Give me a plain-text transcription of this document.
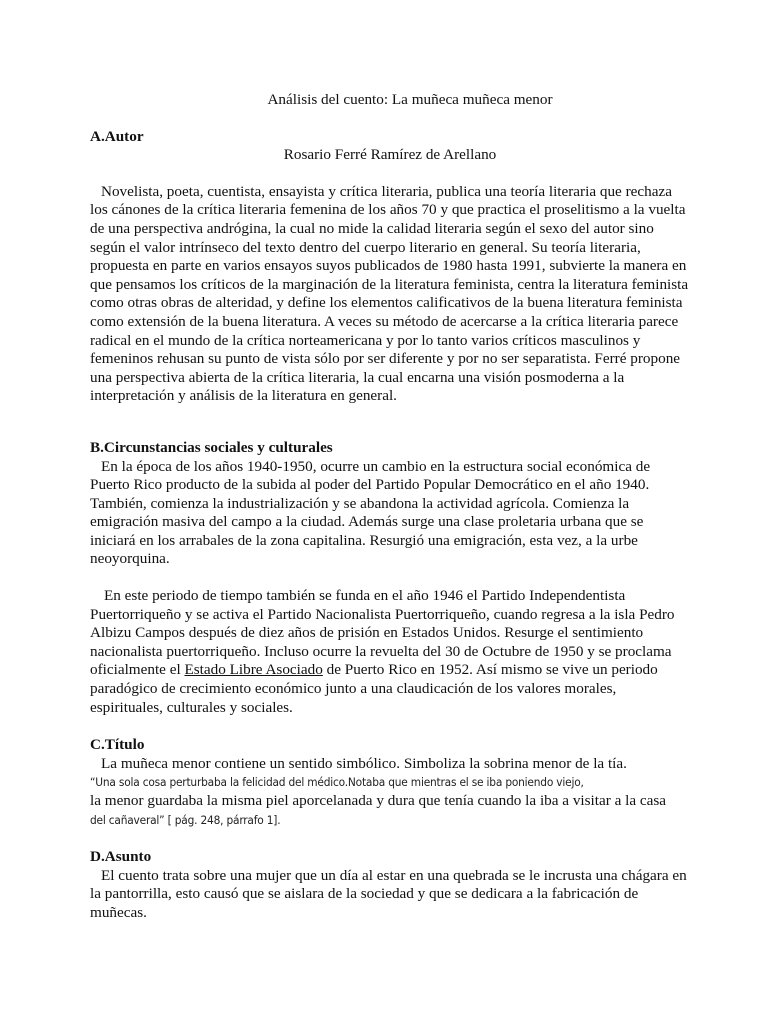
Análisis del cuento: La muñeca muñeca menor

A.Autor

Rosario Ferré Ramírez de Arellano

Novelista, poeta, cuentista, ensayista y crítica literaria, publica una teoría literaria que rechaza los cánones de la crítica literaria femenina de los años 70 y que practica el proselitismo a la vuelta de una perspectiva andrógina, la cual no mide la calidad literaria según el sexo del autor sino según el valor intrínseco del texto dentro del cuerpo literario en general. Su teoría literaria, propuesta en parte en varios ensayos suyos publicados de 1980 hasta 1991, subvierte la manera en que pensamos los críticos de la marginación de la literatura feminista, centra la literatura feminista como otras obras de alteridad, y define los elementos calificativos de la buena literatura feminista como extensión de la buena literatura. A veces su método de acercarse a la crítica literaria parece radical en el mundo de la crítica norteamericana y por lo tanto varios críticos masculinos y femeninos rehusan su punto de vista sólo por ser diferente y por no ser separatista. Ferré propone una perspectiva abierta de la crítica literaria, la cual encarna una visión posmoderna a la interpretación y análisis de la literatura en general.

B.Circunstancias sociales y culturales

En la época de los años 1940-1950, ocurre un cambio en la estructura social económica de Puerto Rico producto de la subida al poder del Partido Popular Democrático en el año 1940. También, comienza la industrialización y se abandona la actividad agrícola. Comienza la emigración masiva del campo a la ciudad. Además surge una clase proletaria urbana que se iniciará en los arrabales de la zona capitalina. Resurgió una emigración, esta vez, a la urbe neoyorquina.

En este periodo de tiempo también se funda en el año 1946 el Partido Independentista Puertorriqueño y se activa el Partido Nacionalista Puertorriqueño, cuando regresa a la isla Pedro Albizu Campos después de diez años de prisión en Estados Unidos. Resurge el sentimiento nacionalista puertorriqueño. Incluso ocurre la revuelta del 30 de Octubre de 1950 y se proclama oficialmente el Estado Libre Asociado de Puerto Rico en 1952. Así mismo se vive un periodo paradógico de crecimiento económico junto a una claudicación de los valores morales, espirituales, culturales y sociales.

C.Título

La muñeca menor contiene un sentido simbólico. Simboliza la sobrina menor de la tía.

“Una sola cosa perturbaba la felicidad del médico.Notaba que mientras el se iba poniendo viejo,

la menor guardaba la misma piel aporcelanada y dura que tenía cuando la iba a visitar a la casa

del cañaveral” [ pág. 248, párrafo 1].

D.Asunto

El cuento trata sobre una mujer que un día al estar en una quebrada se le incrusta una chágara en la pantorrilla, esto causó que se aislara de la sociedad y que se dedicara a la fabricación de muñecas.
